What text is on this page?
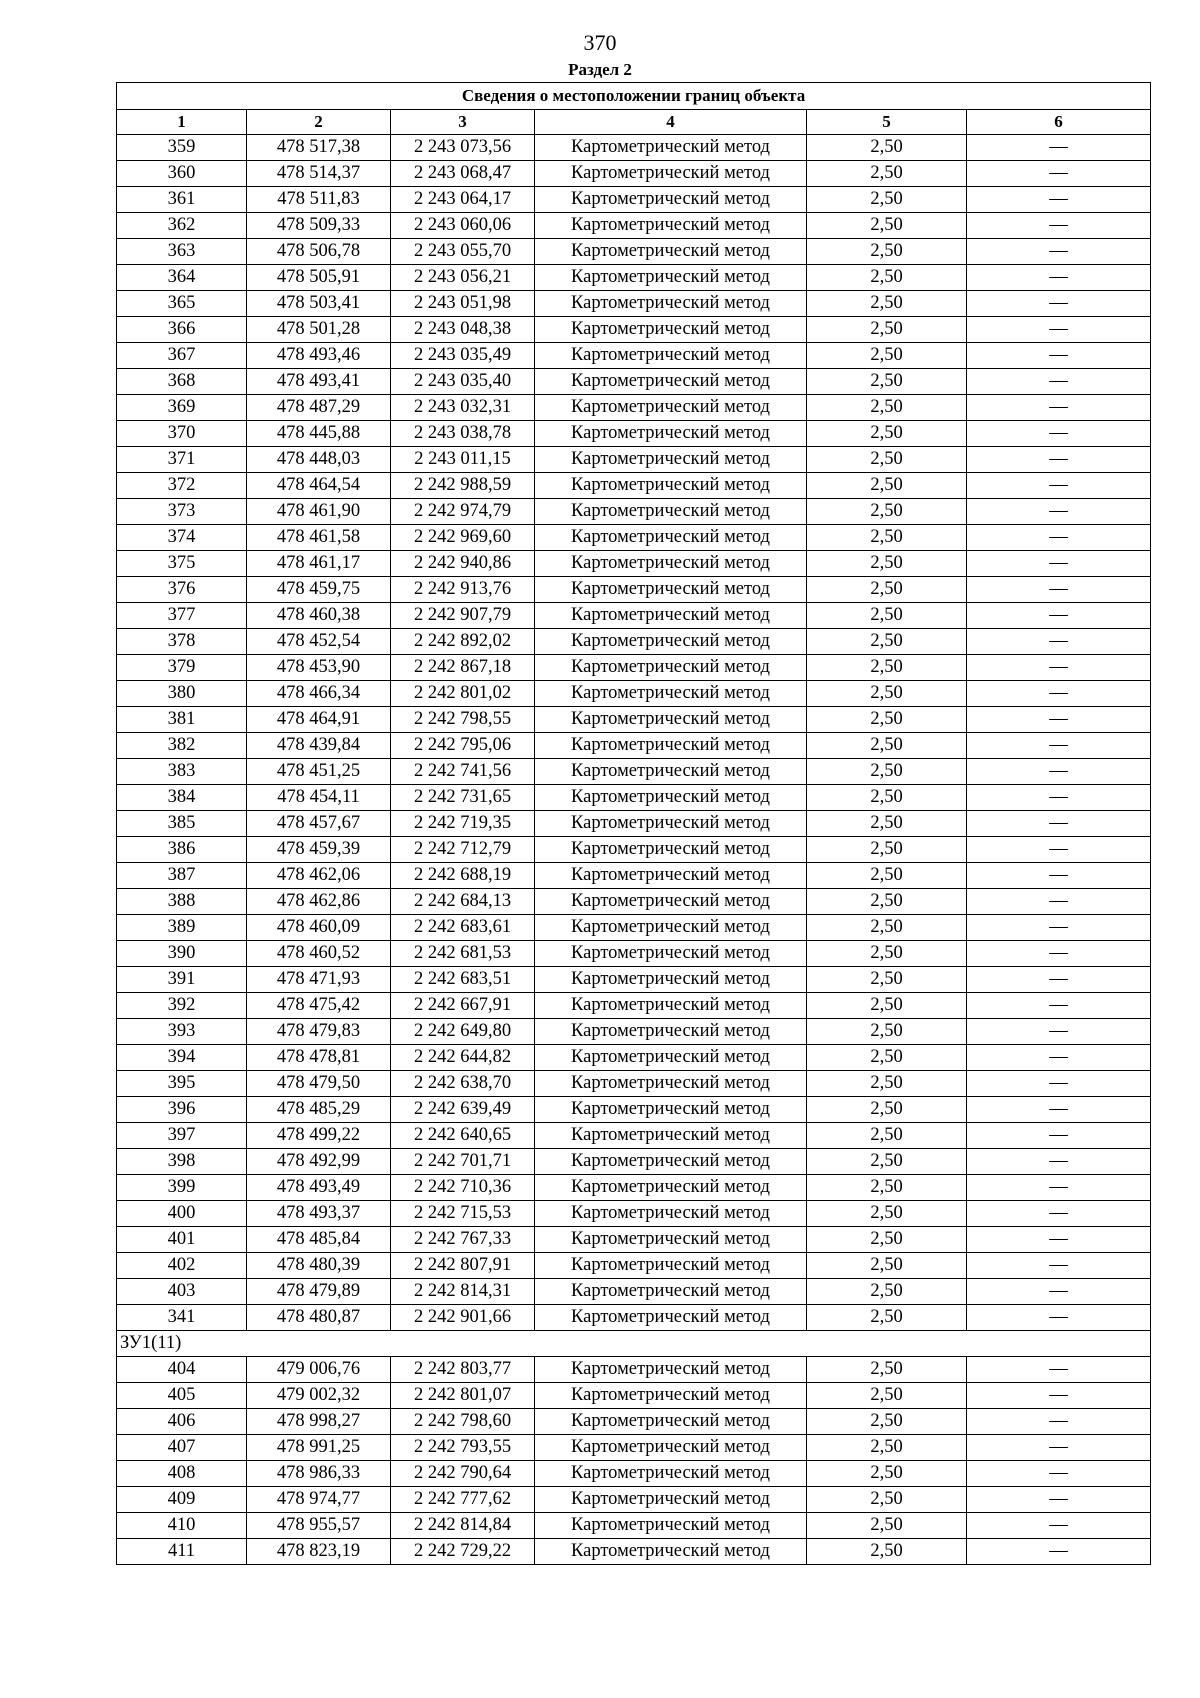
370
Раздел 2
Сведения о местоположении границ объекта					
1	2	3	4	5	6
359	478 517,38	2 243 073,56	Картометрический метод	2,50	—
360	478 514,37	2 243 068,47	Картометрический метод	2,50	—
361	478 511,83	2 243 064,17	Картометрический метод	2,50	—
362	478 509,33	2 243 060,06	Картометрический метод	2,50	—
363	478 506,78	2 243 055,70	Картометрический метод	2,50	—
364	478 505,91	2 243 056,21	Картометрический метод	2,50	—
365	478 503,41	2 243 051,98	Картометрический метод	2,50	—
366	478 501,28	2 243 048,38	Картометрический метод	2,50	—
367	478 493,46	2 243 035,49	Картометрический метод	2,50	—
368	478 493,41	2 243 035,40	Картометрический метод	2,50	—
369	478 487,29	2 243 032,31	Картометрический метод	2,50	—
370	478 445,88	2 243 038,78	Картометрический метод	2,50	—
371	478 448,03	2 243 011,15	Картометрический метод	2,50	—
372	478 464,54	2 242 988,59	Картометрический метод	2,50	—
373	478 461,90	2 242 974,79	Картометрический метод	2,50	—
374	478 461,58	2 242 969,60	Картометрический метод	2,50	—
375	478 461,17	2 242 940,86	Картометрический метод	2,50	—
376	478 459,75	2 242 913,76	Картометрический метод	2,50	—
377	478 460,38	2 242 907,79	Картометрический метод	2,50	—
378	478 452,54	2 242 892,02	Картометрический метод	2,50	—
379	478 453,90	2 242 867,18	Картометрический метод	2,50	—
380	478 466,34	2 242 801,02	Картометрический метод	2,50	—
381	478 464,91	2 242 798,55	Картометрический метод	2,50	—
382	478 439,84	2 242 795,06	Картометрический метод	2,50	—
383	478 451,25	2 242 741,56	Картометрический метод	2,50	—
384	478 454,11	2 242 731,65	Картометрический метод	2,50	—
385	478 457,67	2 242 719,35	Картометрический метод	2,50	—
386	478 459,39	2 242 712,79	Картометрический метод	2,50	—
387	478 462,06	2 242 688,19	Картометрический метод	2,50	—
388	478 462,86	2 242 684,13	Картометрический метод	2,50	—
389	478 460,09	2 242 683,61	Картометрический метод	2,50	—
390	478 460,52	2 242 681,53	Картометрический метод	2,50	—
391	478 471,93	2 242 683,51	Картометрический метод	2,50	—
392	478 475,42	2 242 667,91	Картометрический метод	2,50	—
393	478 479,83	2 242 649,80	Картометрический метод	2,50	—
394	478 478,81	2 242 644,82	Картометрический метод	2,50	—
395	478 479,50	2 242 638,70	Картометрический метод	2,50	—
396	478 485,29	2 242 639,49	Картометрический метод	2,50	—
397	478 499,22	2 242 640,65	Картометрический метод	2,50	—
398	478 492,99	2 242 701,71	Картометрический метод	2,50	—
399	478 493,49	2 242 710,36	Картометрический метод	2,50	—
400	478 493,37	2 242 715,53	Картометрический метод	2,50	—
401	478 485,84	2 242 767,33	Картометрический метод	2,50	—
402	478 480,39	2 242 807,91	Картометрический метод	2,50	—
403	478 479,89	2 242 814,31	Картометрический метод	2,50	—
341	478 480,87	2 242 901,66	Картометрический метод	2,50	—
ЗУ1(11)					
404	479 006,76	2 242 803,77	Картометрический метод	2,50	—
405	479 002,32	2 242 801,07	Картометрический метод	2,50	—
406	478 998,27	2 242 798,60	Картометрический метод	2,50	—
407	478 991,25	2 242 793,55	Картометрический метод	2,50	—
408	478 986,33	2 242 790,64	Картометрический метод	2,50	—
409	478 974,77	2 242 777,62	Картометрический метод	2,50	—
410	478 955,57	2 242 814,84	Картометрический метод	2,50	—
411	478 823,19	2 242 729,22	Картометрический метод	2,50	—
